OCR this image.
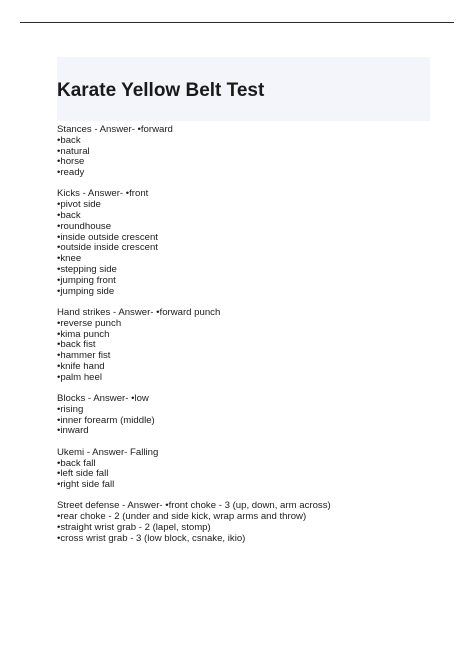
Karate Yellow Belt Test
Stances - Answer- •forward
•back
•natural
•horse
•ready
Kicks - Answer- •front
•pivot side
•back
•roundhouse
•inside outside crescent
•outside inside crescent
•knee
•stepping side
•jumping front
•jumping side
Hand strikes - Answer- •forward punch
•reverse punch
•kima punch
•back fist
•hammer fist
•knife hand
•palm heel
Blocks - Answer- •low
•rising
•inner forearm (middle)
•inward
Ukemi - Answer- Falling
•back fall
•left side fall
•right side fall
Street defense - Answer- •front choke - 3 (up, down, arm across)
•rear choke - 2 (under and side kick, wrap arms and throw)
•straight wrist grab - 2 (lapel, stomp)
•cross wrist grab - 3 (low block, csnake, ikio)
